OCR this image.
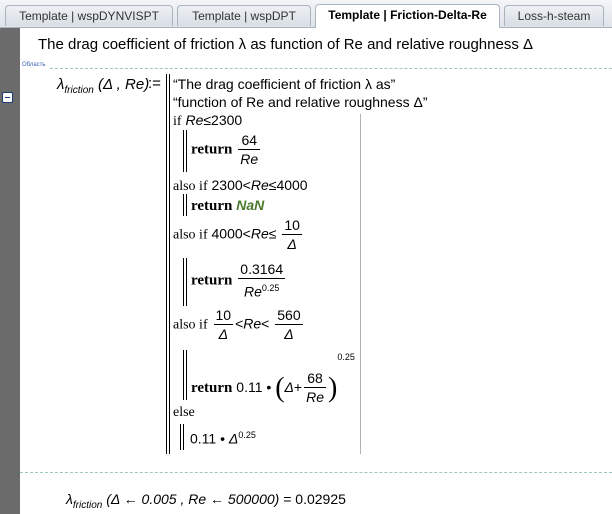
Template | wspDYNVISPT	Template | wspDPT	Template | Friction-Delta-Re	Loss-h-steam
The drag coefficient of friction λ as function of Re and relative roughness Δ
Область
$\lambda_{friction}$ (Δ , Re)
:= “The drag coefficient of friction λ as”
“function of Re and relative roughness Δ”
if Re≤2300
return $\frac{64}{Re}$
also if 2300<Re≤4000
return NaN
also if $4000<Re\le \frac{10}{\Delta}$
return $\frac{0.3164}{Re^{0.25}}$
also if $\frac{10}{\Delta} <Re< \frac{560}{\Delta}$
return 0.11 • $(\Delta+ \frac{68}{Re} )^{0.25}$
else
0.11 • $\Delta^{0.25}$
$\lambda_{friction}$ (Δ ← 0.005 , Re ← 500000) = 0.02925
